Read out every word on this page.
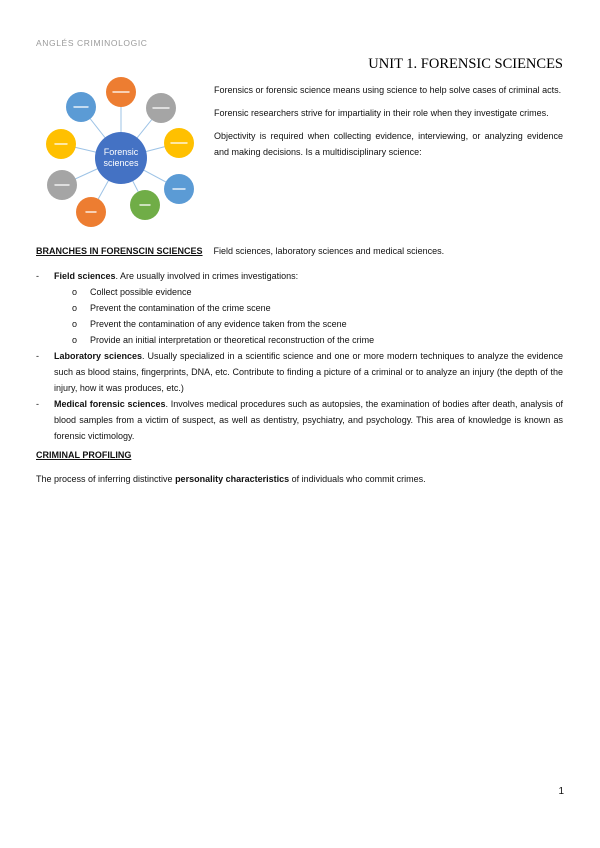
ANGLÉS CRIMINOLOGIC
UNIT 1. FORENSIC SCIENCES
Forensic
sciences

Forensics or forensic science means using science to help solve cases of criminal acts.

Forensic researchers strive for impartiality in their role when they investigate crimes.

Objectivity is required when collecting evidence, interviewing, or analyzing evidence and making decisions. Is a multidisciplinary science:

BRANCHES IN FORENSCIN SCIENCES Field sciences, laboratory sciences and medical sciences.
- Field sciences. Are usually involved in crimes investigations:
o Collect possible evidence
o Prevent the contamination of the crime scene
o Prevent the contamination of any evidence taken from the scene
o Provide an initial interpretation or theoretical reconstruction of the crime
- Laboratory sciences. Usually specialized in a scientific science and one or more modern techniques to analyze the evidence such as blood stains, fingerprints, DNA, etc. Contribute to finding a picture of a criminal or to analyze an injury (the depth of the injury, how it was produces, etc.)
- Medical forensic sciences. Involves medical procedures such as autopsies, the examination of bodies after death, analysis of blood samples from a victim of suspect, as well as dentistry, psychiatry, and psychology. This area of knowledge is known as forensic victimology.
CRIMINAL PROFILING
The process of inferring distinctive personality characteristics of individuals who commit crimes.
1
